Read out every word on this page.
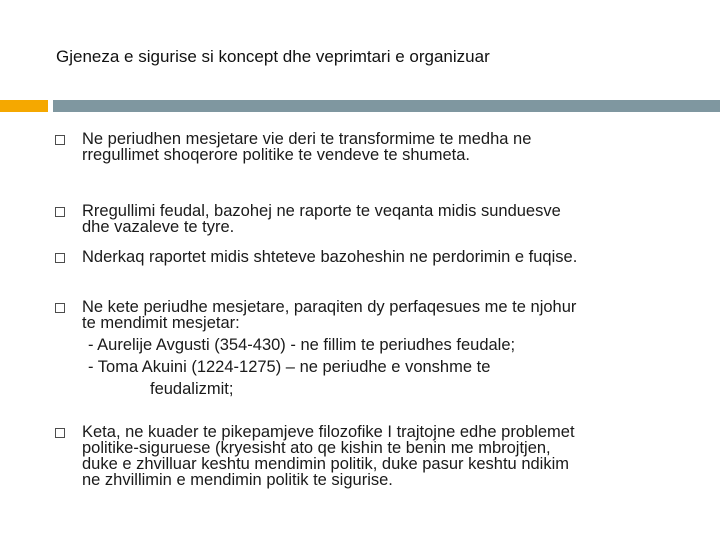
Gjeneza e sigurise si koncept dhe veprimtari e organizuar
Ne periudhen mesjetare vie deri te transformime te medha ne
rregullimet shoqerore politike te vendeve te shumeta.
Rregullimi feudal, bazohej ne raporte te veqanta midis sunduesve
dhe vazaleve te tyre.
Nderkaq raportet midis shteteve bazoheshin ne perdorimin e fuqise.
Ne kete periudhe mesjetare, paraqiten dy perfaqesues me te njohur
te mendimit mesjetar:
- Aurelije Avgusti (354-430) - ne fillim te periudhes feudale;
- Toma Akuini (1224-1275) – ne periudhe e vonshme te
feudalizmit;
Keta, ne kuader te pikepamjeve filozofike I trajtojne edhe problemet
politike-siguruese (kryesisht ato qe kishin te benin me mbrojtjen,
duke e zhvilluar keshtu mendimin politik, duke pasur keshtu ndikim
ne zhvillimin e mendimin politik te sigurise.
